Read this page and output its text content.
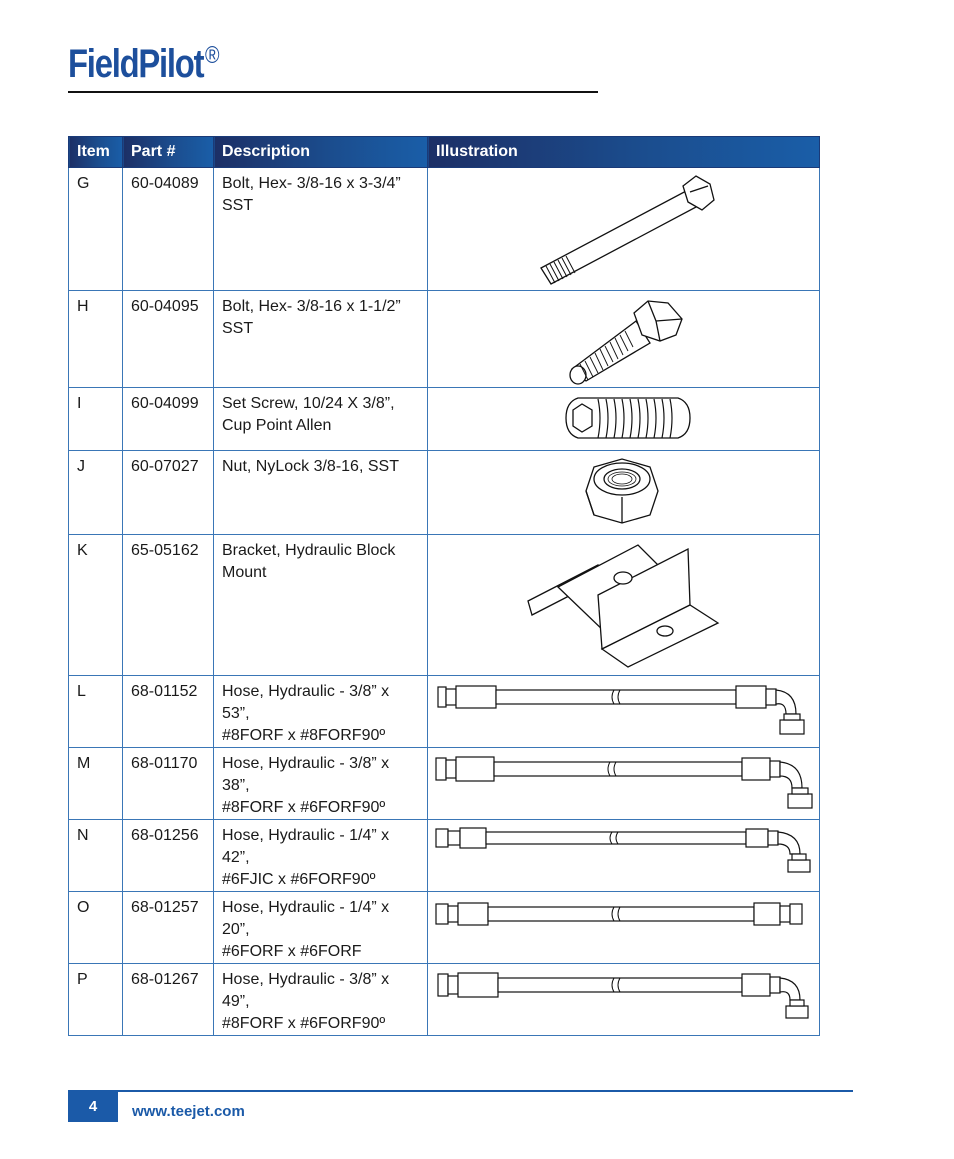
FieldPilot®
Item	Part #	Description	Illustration
G	60-04089	Bolt, Hex- 3/8-16 x 3-3/4”
SST

H	60-04095	Bolt, Hex- 3/8-16 x 1-1/2”
SST

I	60-04099	Set Screw, 10/24 X 3/8”,
Cup Point Allen

J	60-07027	Nut, NyLock 3/8-16, SST

K	65-05162	Bracket, Hydraulic Block
Mount

L	68-01152	Hose, Hydraulic - 3/8” x 53”,
#8FORF x #8FORF90º

M	68-01170	Hose, Hydraulic - 3/8” x 38”,
#8FORF x #6FORF90º

N	68-01256	Hose, Hydraulic - 1/4” x 42”,
#6FJIC x #6FORF90º

O	68-01257	Hose, Hydraulic - 1/4” x 20”,
#6FORF x #6FORF

P	68-01267	Hose, Hydraulic - 3/8” x 49”,
#8FORF x #6FORF90º

4	www.teejet.com
